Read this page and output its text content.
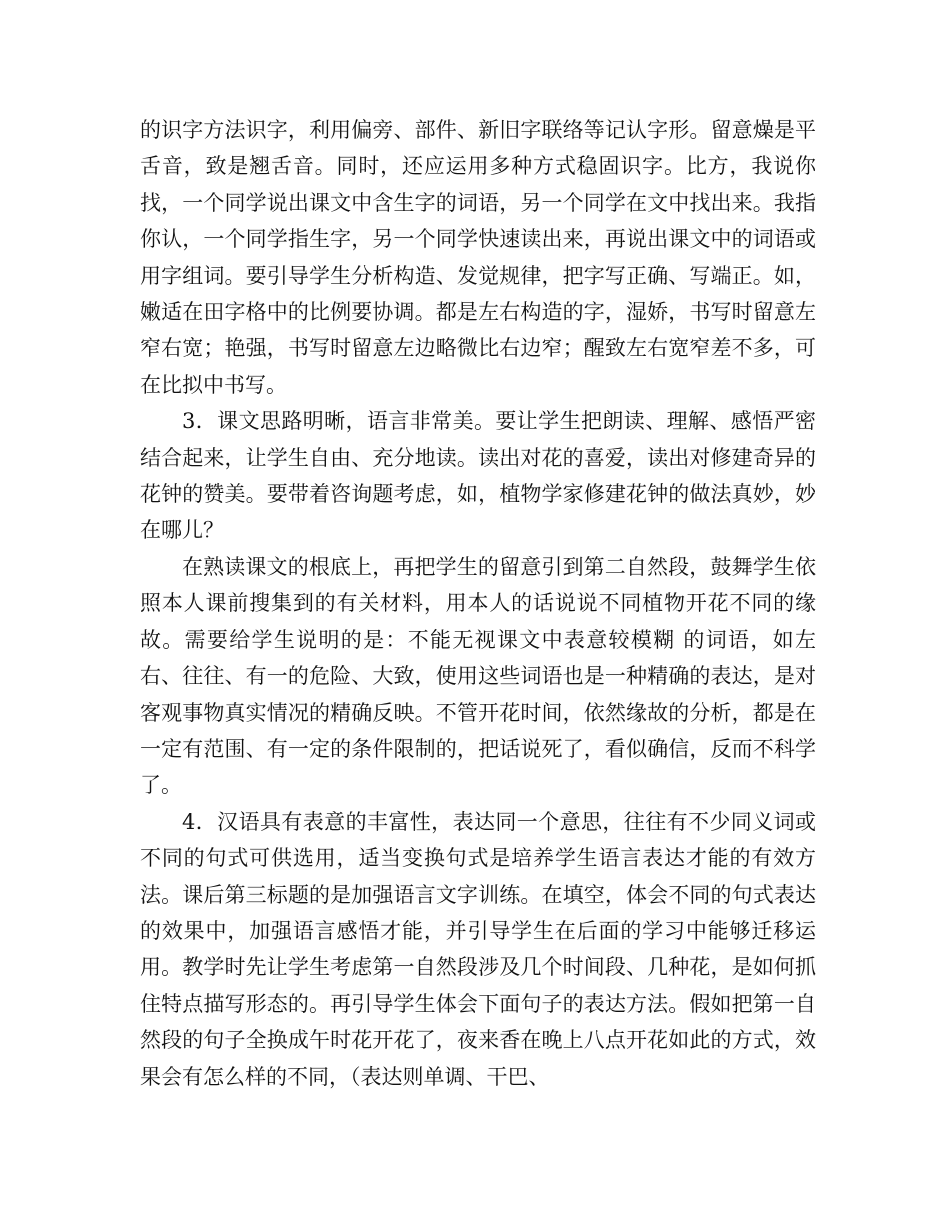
的识字方法识字，利用偏旁、部件、新旧字联络等记认字形。留意燥是平舌音，致是翘舌音。同时，还应运用多种方式稳固识字。比方，我说你找，一个同学说出课文中含生字的词语，另一个同学在文中找出来。我指你认，一个同学指生字，另一个同学快速读出来，再说出课文中的词语或用字组词。要引导学生分析构造、发觉规律，把字写正确、写端正。如，嫩适在田字格中的比例要协调。都是左右构造的字，湿娇，书写时留意左窄右宽；艳强，书写时留意左边略微比右边窄；醒致左右宽窄差不多，可在比拟中书写。

3．课文思路明晰，语言非常美。要让学生把朗读、理解、感悟严密结合起来，让学生自由、充分地读。读出对花的喜爱，读出对修建奇异的花钟的赞美。要带着咨询题考虑，如，植物学家修建花钟的做法真妙，妙在哪儿？

在熟读课文的根底上，再把学生的留意引到第二自然段，鼓舞学生依照本人课前搜集到的有关材料，用本人的话说说不同植物开花不同的缘故。需要给学生说明的是：不能无视课文中表意较模糊 的词语，如左右、往往、有一的危险、大致，使用这些词语也是一种精确的表达，是对客观事物真实情况的精确反映。不管开花时间，依然缘故的分析，都是在一定有范围、有一定的条件限制的，把话说死了，看似确信，反而不科学了。

4．汉语具有表意的丰富性，表达同一个意思，往往有不少同义词或不同的句式可供选用，适当变换句式是培养学生语言表达才能的有效方法。课后第三标题的是加强语言文字训练。在填空，体会不同的句式表达的效果中，加强语言感悟才能，并引导学生在后面的学习中能够迁移运用。教学时先让学生考虑第一自然段涉及几个时间段、几种花，是如何抓住特点描写形态的。再引导学生体会下面句子的表达方法。假如把第一自然段的句子全换成午时花开花了，夜来香在晚上八点开花如此的方式，效果会有怎么样的不同，（表达则单调、干巴、
